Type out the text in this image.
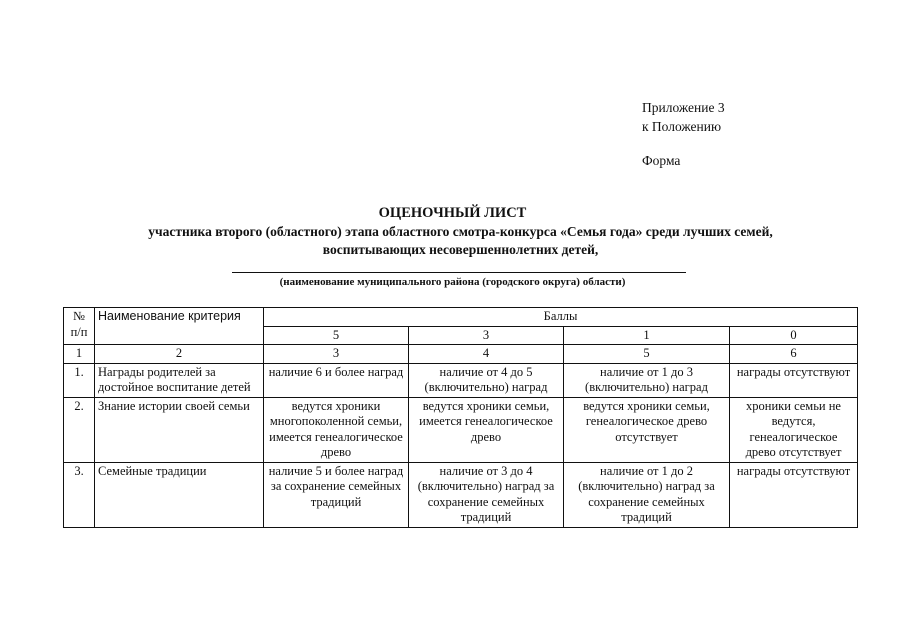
Приложение 3
к Положению
Форма
ОЦЕНОЧНЫЙ ЛИСТ
участника второго (областного) этапа областного смотра-конкурса «Семья года» среди лучших семей,
воспитывающих несовершеннолетних детей,
(наименование муниципального района (городского округа) области)
№ п/п	Наименование критерия	Баллы			
		5	3	1	0
1	2	3	4	5	6
1.	Награды родителей за достойное воспитание детей	наличие 6 и более наград	наличие от 4 до 5 (включительно) наград	наличие от 1 до 3 (включительно) наград	награды отсутствуют
2.	Знание истории своей семьи	ведутся хроники многопоколенной семьи, имеется генеалогическое древо	ведутся хроники семьи, имеется генеалогическое древо	ведутся хроники семьи, генеалогическое древо отсутствует	хроники семьи не ведутся, генеалогическое древо отсутствует
3.	Семейные традиции	наличие 5 и более наград за сохранение семейных традиций	наличие от 3 до 4 (включительно) наград за сохранение семейных традиций	наличие от 1 до 2 (включительно) наград за сохранение семейных традиций	награды отсутствуют
